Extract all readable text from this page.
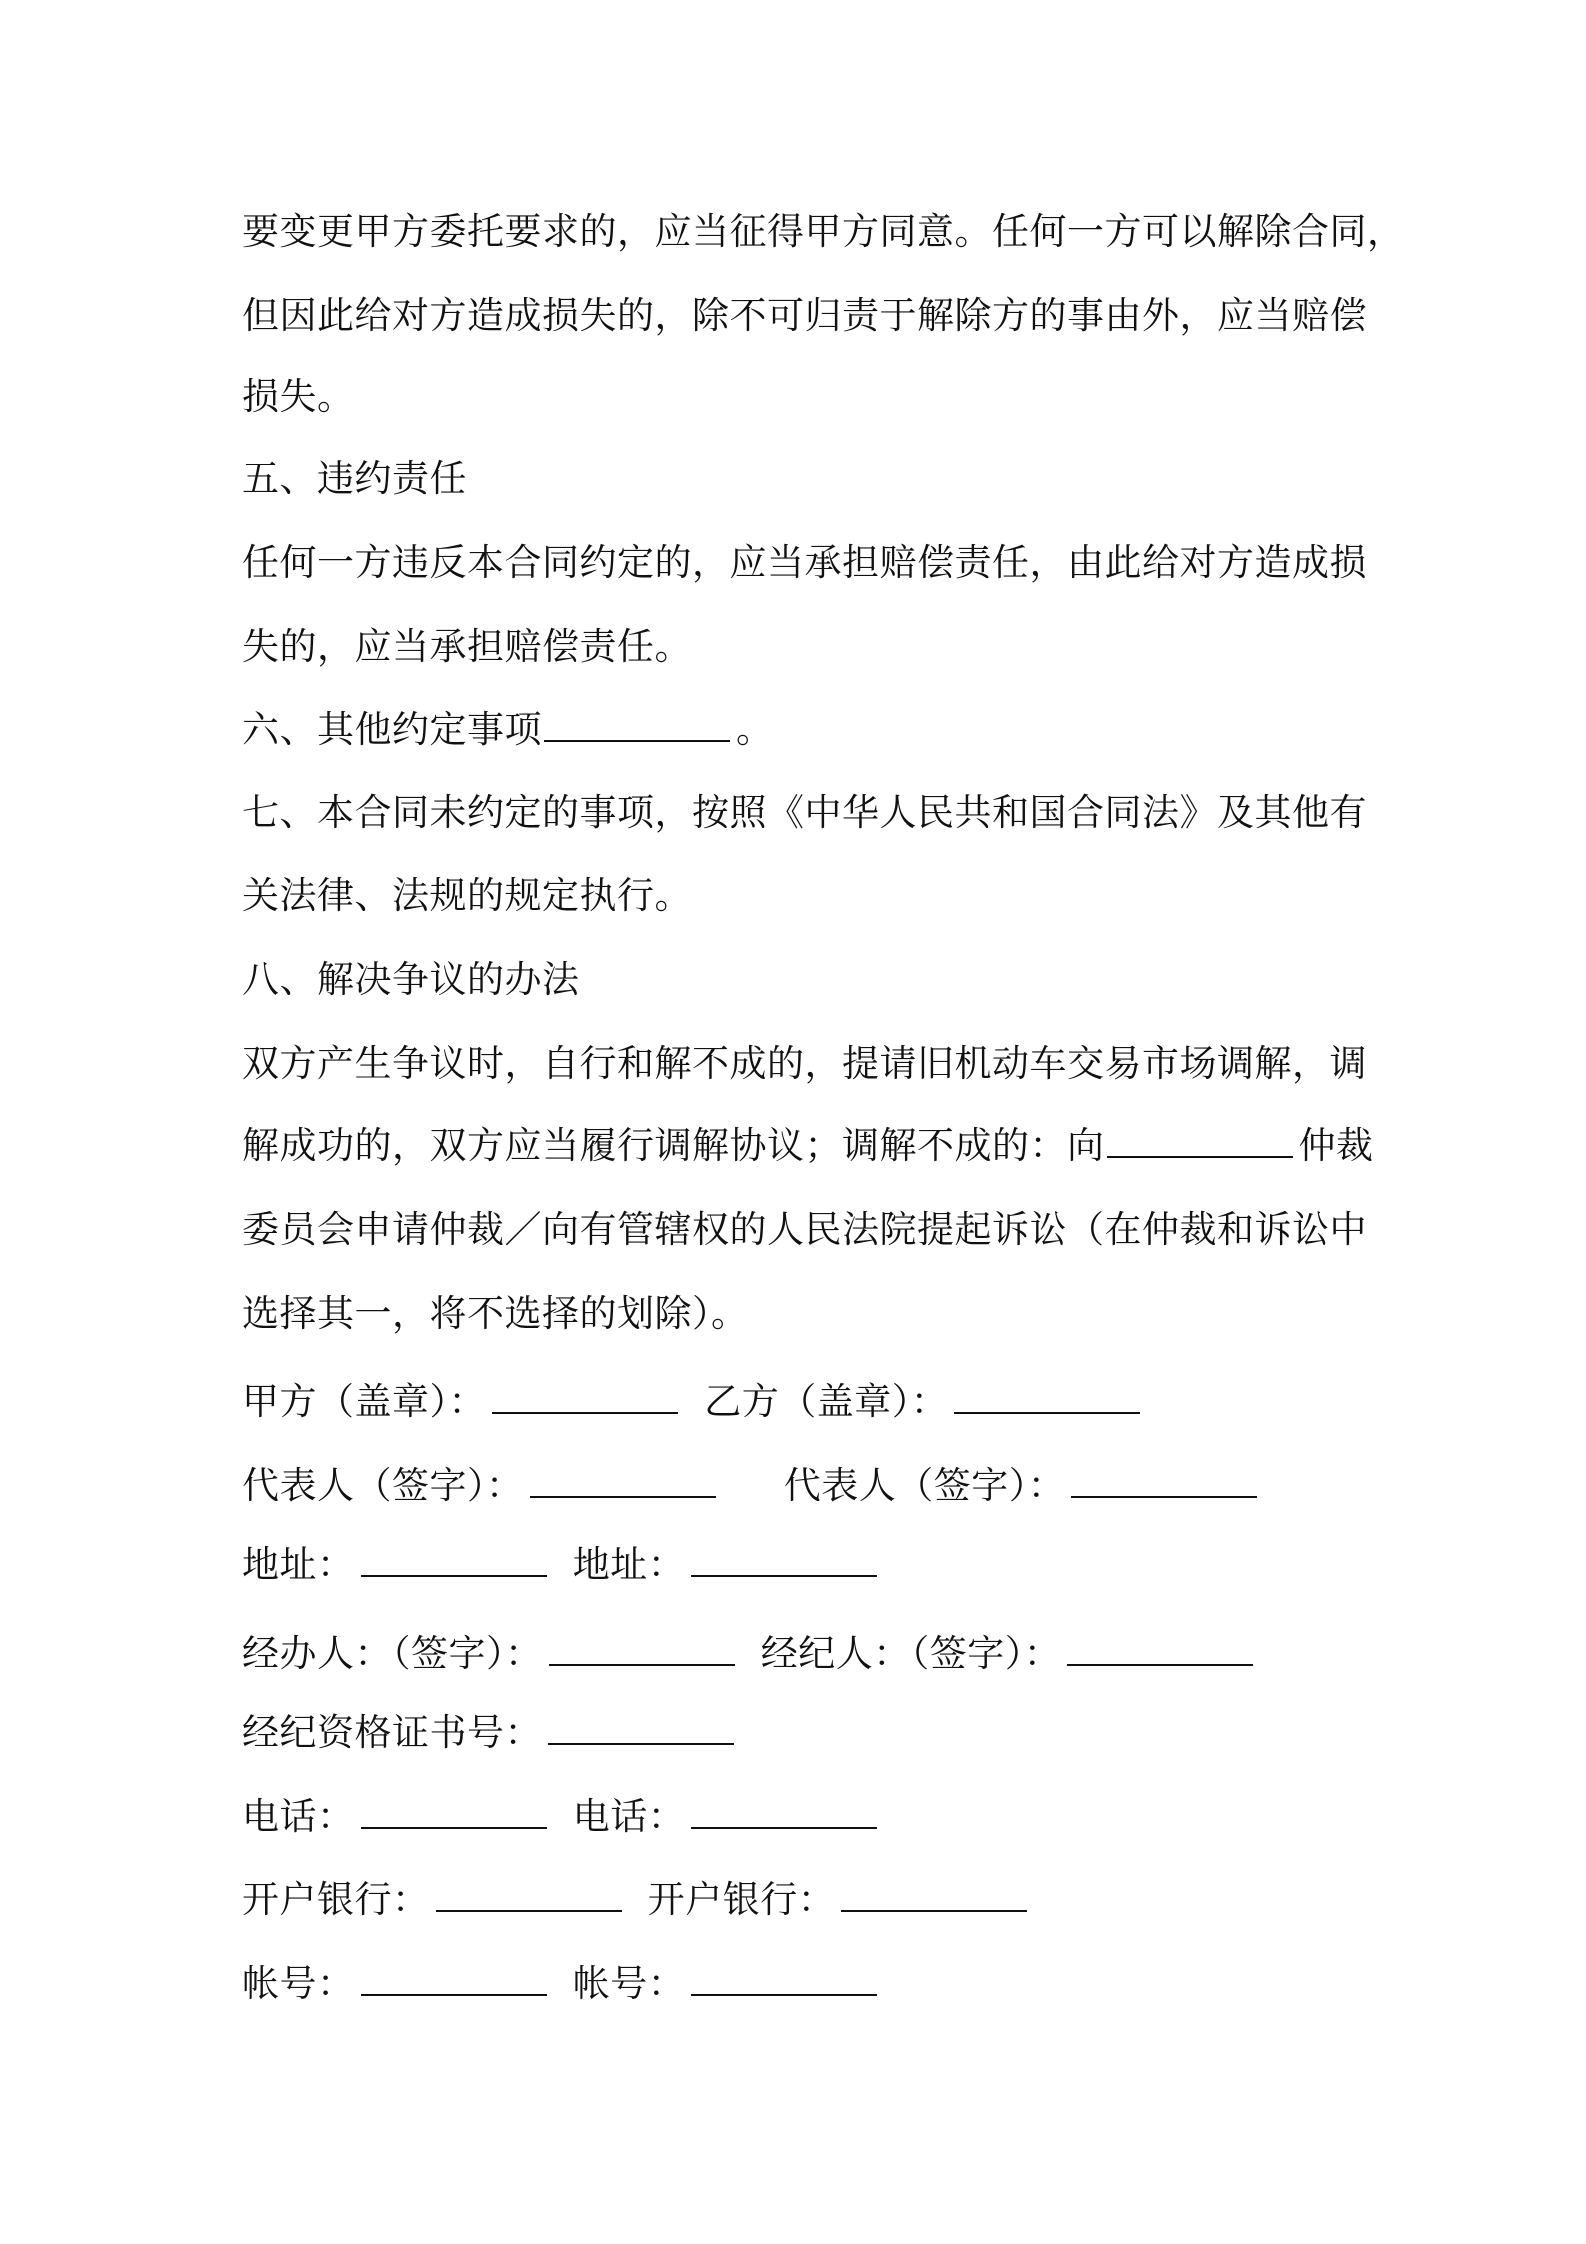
要变更甲方委托要求的，应当征得甲方同意。任何一方可以解除合同，
但因此给对方造成损失的，除不可归责于解除方的事由外，应当赔偿
损失。
五、违约责任
任何一方违反本合同约定的，应当承担赔偿责任，由此给对方造成损
失的，应当承担赔偿责任。
六、其他约定事项	。
七、本合同未约定的事项，按照《中华人民共和国合同法》及其他有
关法律、法规的规定执行。
八、解决争议的办法
双方产生争议时，自行和解不成的，提请旧机动车交易市场调解，调
解成功的，双方应当履行调解协议；调解不成的：向	仲裁
委员会申请仲裁／向有管辖权的人民法院提起诉讼（在仲裁和诉讼中
选择其一，将不选择的划除）。
甲方（盖章）：	乙方（盖章）：
代表人（签字）：	代表人（签字）：
地址：	地址：
经办人：（签字）：	经纪人：（签字）：
经纪资格证书号：
电话：	电话：
开户银行：	开户银行：
帐号：	帐号：
